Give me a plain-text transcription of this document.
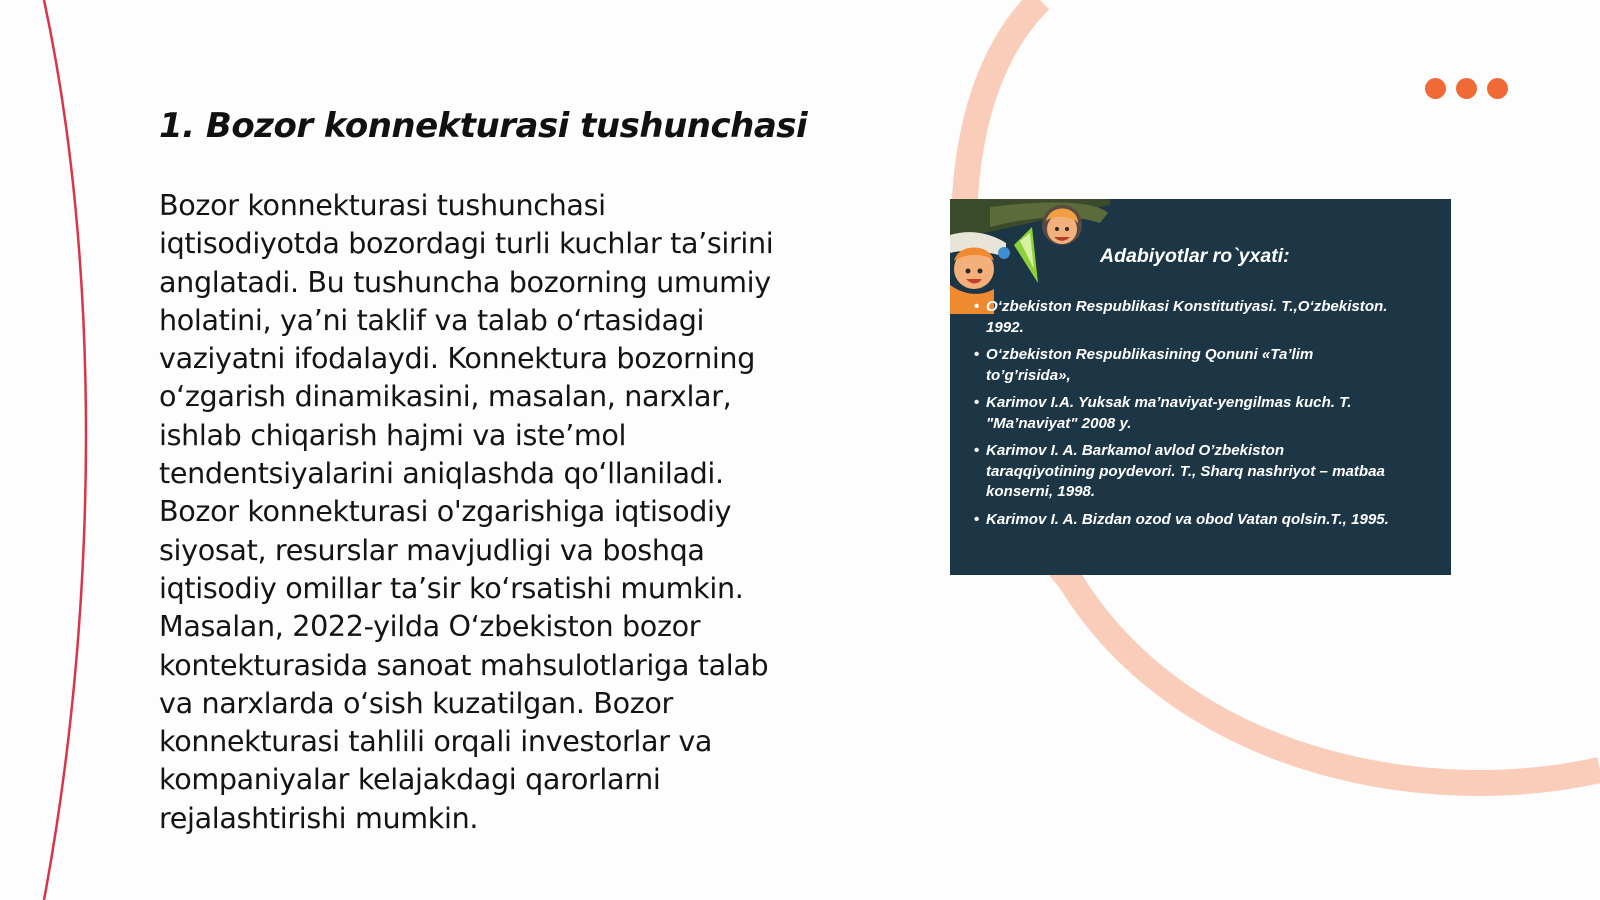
1. Bozor konnekturasi tushunchasi
Bozor konnekturasi tushunchasi
iqtisodiyotda bozordagi turli kuchlar ta’sirini
anglatadi. Bu tushuncha bozorning umumiy
holatini, ya’ni taklif va talab o‘rtasidagi
vaziyatni ifodalaydi. Konnektura bozorning
o‘zgarish dinamikasini, masalan, narxlar,
ishlab chiqarish hajmi va iste’mol
tendentsiyalarini aniqlashda qo‘llaniladi.
Bozor konnekturasi o'zgarishiga iqtisodiy
siyosat, resurslar mavjudligi va boshqa
iqtisodiy omillar ta’sir ko‘rsatishi mumkin.
Masalan, 2022-yilda O‘zbekiston bozor
kontekturasida sanoat mahsulotlariga talab
va narxlarda o‘sish kuzatilgan. Bozor
konnekturasi tahlili orqali investorlar va
kompaniyalar kelajakdagi qarorlarni
rejalashtirishi mumkin.
Adabiyotlar ro`yxati:
• O‘zbekiston Respublikasi Konstitutiyasi. T.,O‘zbekiston.
1992.
• O‘zbekiston Respublikasining Qonuni «Ta’lim
to’g’risida»,
• Karimov I.A. Yuksak ma’naviyat-yengilmas kuch. T.
"Ma’naviyat" 2008 y.
• Karimov I. A. Barkamol avlod O’zbekiston
taraqqiyotining poydevori. T., Sharq nashriyot – matbaa
konserni, 1998.
• Karimov I. A. Bizdan ozod va obod Vatan qolsin.T., 1995.
